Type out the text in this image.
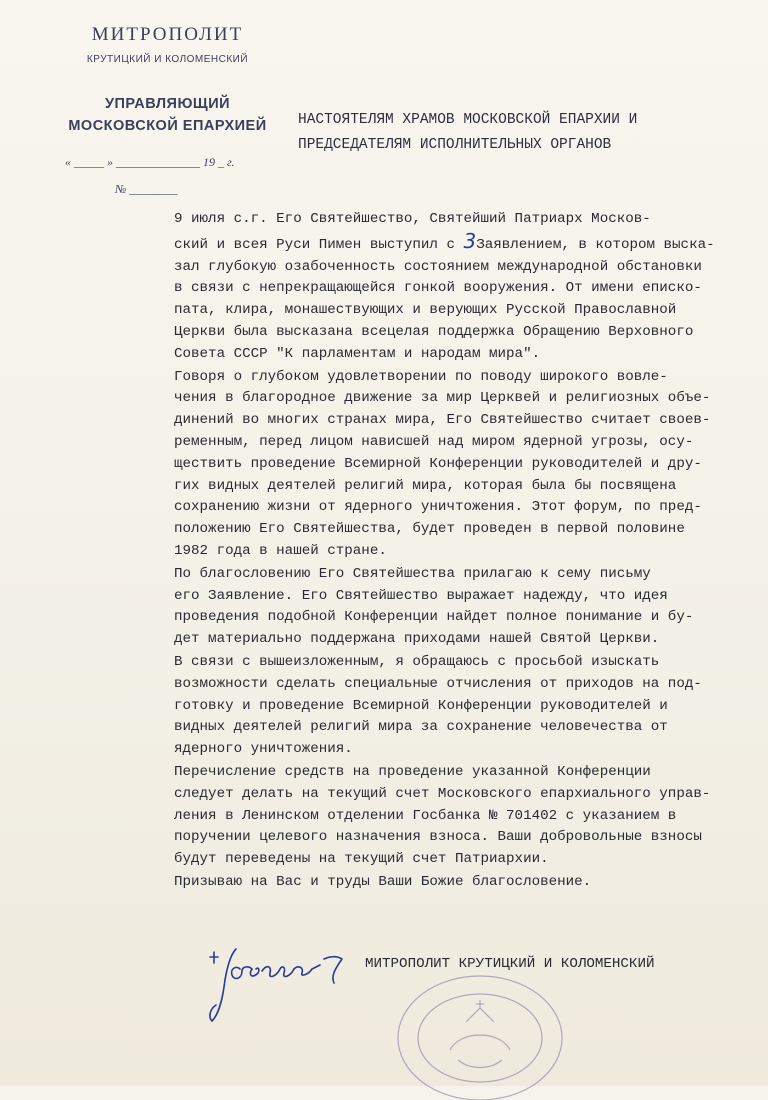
МИТРОПОЛИТ
КРУТИЦКИЙ И КОЛОМЕНСКИЙ
УПРАВЛЯЮЩИЙ
МОСКОВСКОЙ ЕПАРХИЕЙ
« _____ » ______________ 19 _ г.
№ ________
НАСТОЯТЕЛЯМ ХРАМОВ МОСКОВСКОЙ ЕПАРХИИ И
ПРЕДСЕДАТЕЛЯМ ИСПОЛНИТЕЛЬНЫХ ОРГАНОВ

9 июля с.г. Его Святейшество, Святейший Патриарх Москов-
ский и всея Руси Пимен выступил с 3Заявлением, в котором выска-
зал глубокую озабоченность состоянием международной обстановки
в связи с непрекращающейся гонкой вооружения. От имени еписко-
пата, клира, монашествующих и верующих Русской Православной
Церкви была высказана всецелая поддержка Обращению Верховного
Совета СССР "К парламентам и народам мира".

Говоря о глубоком удовлетворении по поводу широкого вовле-
чения в благородное движение за мир Церквей и религиозных объе-
динений во многих странах мира, Его Святейшество считает своев-
ременным, перед лицом нависшей над миром ядерной угрозы, осу-
ществить проведение Всемирной Конференции руководителей и дру-
гих видных деятелей религий мира, которая была бы посвящена
сохранению жизни от ядерного уничтожения. Этот форум, по пред-
положению Его Святейшества, будет проведен в первой половине
1982 года в нашей стране.

По благословению Его Святейшества прилагаю к сему письму
его Заявление. Его Святейшество выражает надежду, что идея
проведения подобной Конференции найдет полное понимание и бу-
дет материально поддержана приходами нашей Святой Церкви.

В связи с вышеизложенным, я обращаюсь с просьбой изыскать
возможности сделать специальные отчисления от приходов на под-
готовку и проведение Всемирной Конференции руководителей и
видных деятелей религий мира за сохранение человечества от
ядерного уничтожения.

Перечисление средств на проведение указанной Конференции
следует делать на текущий счет Московского епархиального управ-
ления в Ленинском отделении Госбанка № 701402 с указанием в
поручении целевого назначения взноса. Ваши добровольные взносы
будут переведены на текущий счет Патриархии.

Призываю на Вас и труды Ваши Божие благословение.

МИТРОПОЛИТ КРУТИЦКИЙ И КОЛОМЕНСКИЙ
